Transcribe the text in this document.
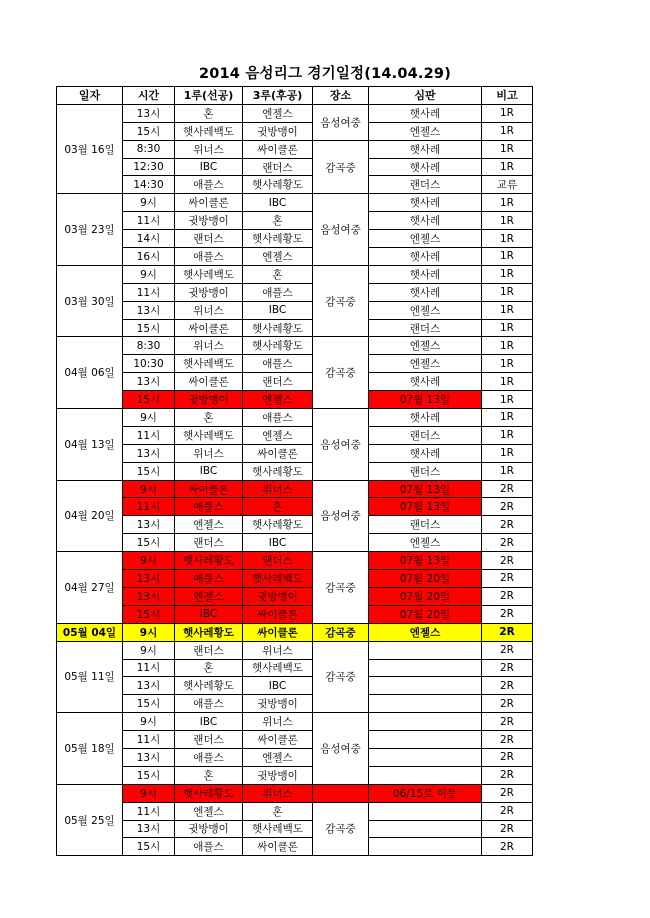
2014 음성리그 경기일정(14.04.29)
일자	시간	1루(선공)	3루(후공)	장소	심판	비고
03월 16일	13시	혼	엔젤스	음성여중	햇사레	1R
	15시	햇사레백도	귓방맹이		엔젤스	1R
	8:30	위너스	싸이클론	감곡중	햇사레	1R
	12:30	IBC	랜더스		햇사레	1R
	14:30	애플스	햇사레황도		랜더스	교류
03월 23일	9시	싸이클론	IBC	음성여중	햇사레	1R
	11시	귓방맹이	혼		햇사레	1R
	14시	랜더스	햇사레황도		엔젤스	1R
	16시	애플스	엔젤스		햇사레	1R
03월 30일	9시	햇사레백도	혼	감곡중	햇사레	1R
	11시	귓방맹이	애플스		햇사레	1R
	13시	위너스	IBC		엔젤스	1R
	15시	싸이클론	햇사레황도		랜더스	1R
04월 06일	8:30	위너스	햇사레황도	감곡중	엔젤스	1R
	10:30	햇사레백도	애플스		엔젤스	1R
	13시	싸이클론	랜더스		햇사레	1R
	15시	귓방맹이	엔젤스		07월 13일	1R
04월 13일	9시	혼	애플스	음성여중	햇사레	1R
	11시	햇사레백도	엔젤스		랜더스	1R
	13시	위너스	싸이클론		햇사레	1R
	15시	IBC	햇사레황도		랜더스	1R
04월 20일	9시	싸이클론	위너스	음성여중	07월 13일	2R
	11시	애플스	혼		07월 13일	2R
	13시	엔젤스	햇사레황도		랜더스	2R
	15시	랜더스	IBC		엔젤스	2R
04월 27일	9시	햇사레황도	랜더스	감곡중	07월 13일	2R
	13시	애플스	햇사레백도		07월 20일	2R
	13시	엔젤스	귓방맹이		07월 20일	2R
	15시	IBC	싸이클론		07월 20일	2R
05월 04일	9시	햇사레황도	싸이클론	감곡중	엔젤스	2R
05월 11일	9시	랜더스	위너스	감곡중		2R
	11시	혼	햇사레백도			2R
	13시	햇사레황도	IBC			2R
	15시	애플스	귓방맹이			2R
05월 18일	9시	IBC	위너스	음성여중		2R
	11시	랜더스	싸이클론			2R
	13시	애플스	엔젤스			2R
	15시	혼	귓방맹이			2R
05월 25일	9시	햇사레황도	위너스		06/15로 이동	2R
	11시	엔젤스	혼	감곡중		2R
	13시	귓방맹이	햇사레백도			2R
	15시	애플스	싸이클론			2R
